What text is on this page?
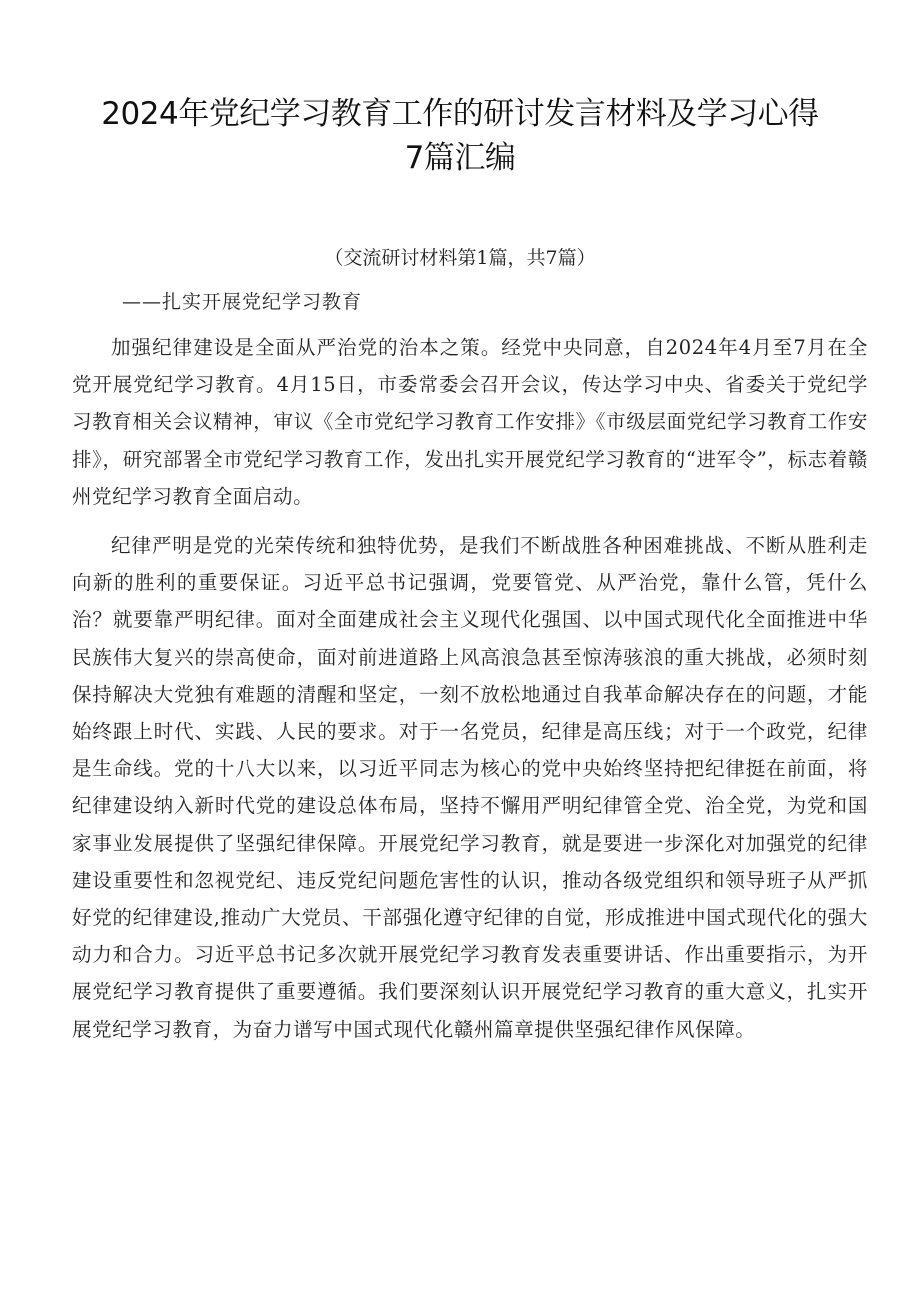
2024年党纪学习教育工作的研讨发言材料及学习心得
7篇汇编

（交流研讨材料第1篇，共7篇）

——扎实开展党纪学习教育

加强纪律建设是全面从严治党的治本之策。经党中央同意，自2024年4月至7月在全党开展党纪学习教育。4月15日，市委常委会召开会议，传达学习中央、省委关于党纪学习教育相关会议精神，审议《全市党纪学习教育工作安排》《市级层面党纪学习教育工作安排》，研究部署全市党纪学习教育工作，发出扎实开展党纪学习教育的“进军令”，标志着赣州党纪学习教育全面启动。

纪律严明是党的光荣传统和独特优势，是我们不断战胜各种困难挑战、不断从胜利走向新的胜利的重要保证。习近平总书记强调，党要管党、从严治党，靠什么管，凭什么治？就要靠严明纪律。面对全面建成社会主义现代化强国、以中国式现代化全面推进中华民族伟大复兴的崇高使命，面对前进道路上风高浪急甚至惊涛骇浪的重大挑战，必须时刻保持解决大党独有难题的清醒和坚定，一刻不放松地通过自我革命解决存在的问题，才能始终跟上时代、实践、人民的要求。对于一名党员，纪律是高压线；对于一个政党，纪律是生命线。党的十八大以来，以习近平同志为核心的党中央始终坚持把纪律挺在前面，将纪律建设纳入新时代党的建设总体布局，坚持不懈用严明纪律管全党、治全党，为党和国家事业发展提供了坚强纪律保障。开展党纪学习教育，就是要进一步深化对加强党的纪律建设重要性和忽视党纪、违反党纪问题危害性的认识，推动各级党组织和领导班子从严抓好党的纪律建设,推动广大党员、干部强化遵守纪律的自觉，形成推进中国式现代化的强大动力和合力。习近平总书记多次就开展党纪学习教育发表重要讲话、作出重要指示，为开展党纪学习教育提供了重要遵循。我们要深刻认识开展党纪学习教育的重大意义，扎实开展党纪学习教育，为奋力谱写中国式现代化赣州篇章提供坚强纪律作风保障。
